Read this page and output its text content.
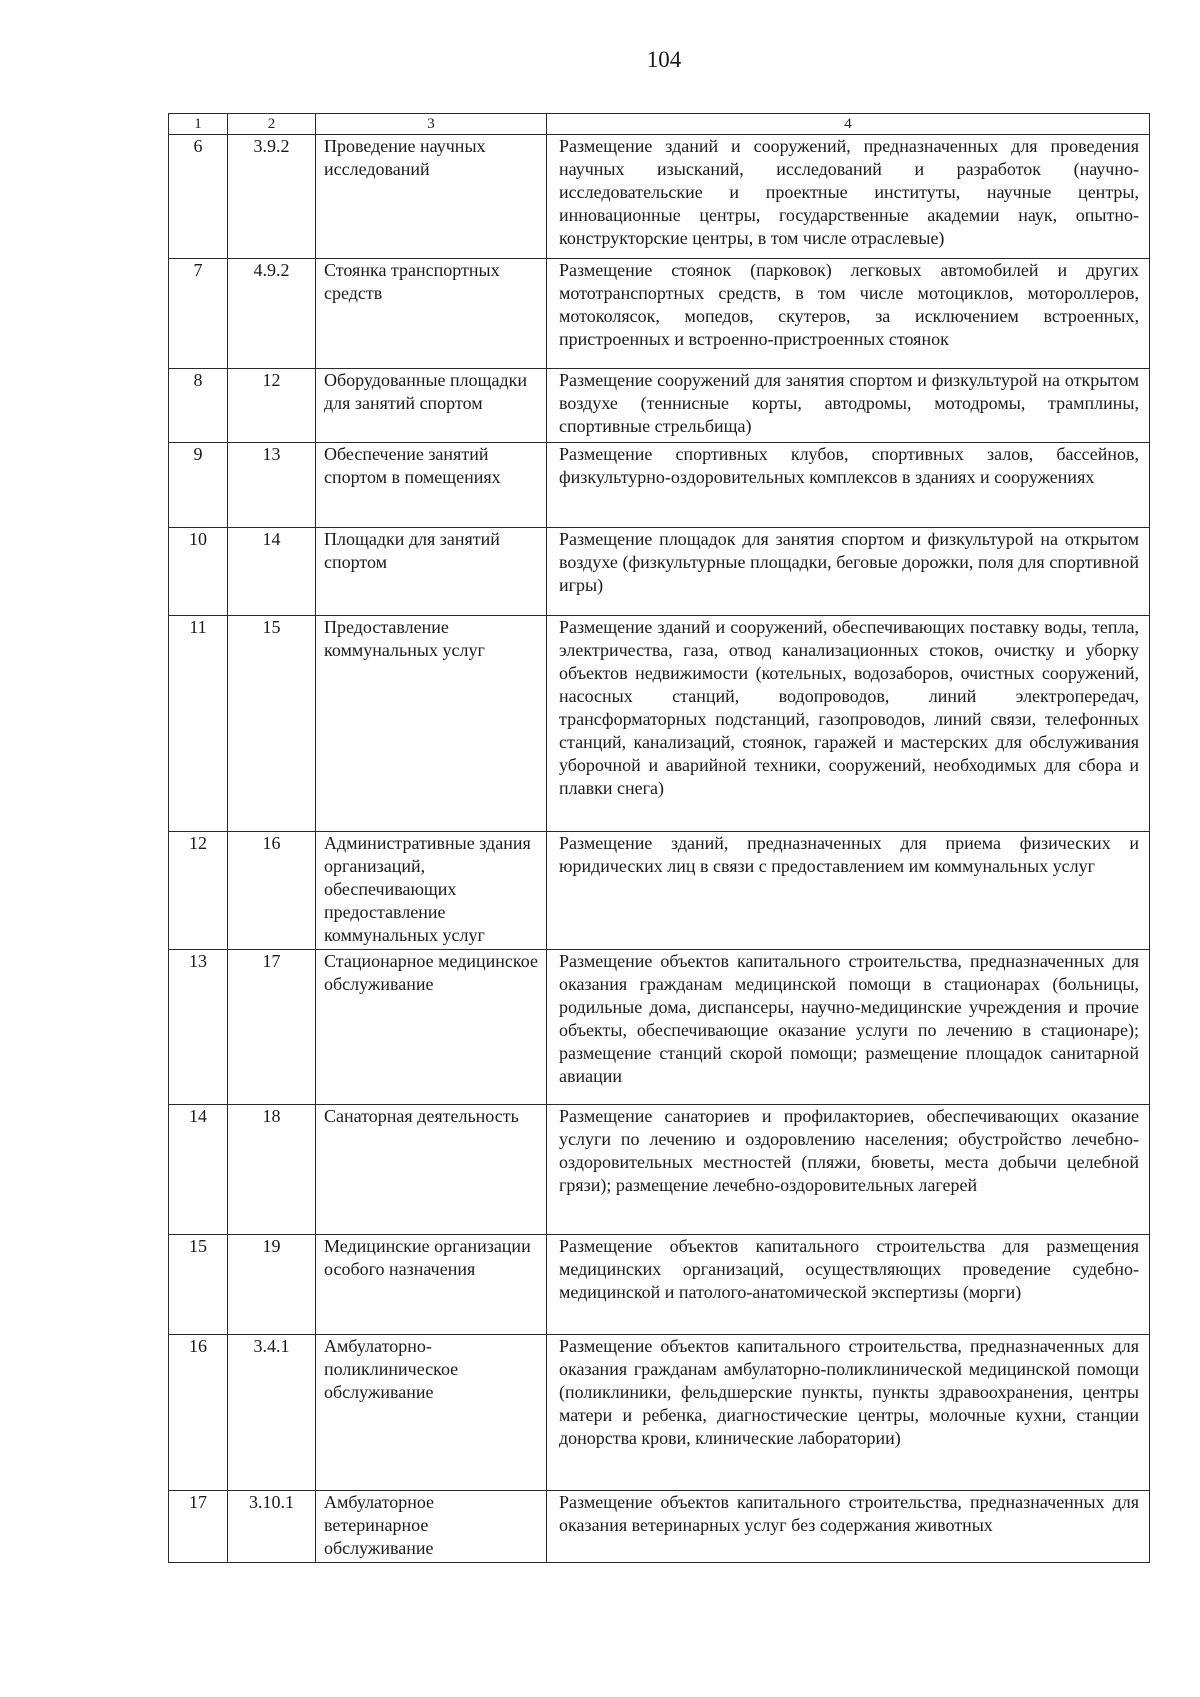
104
1	2	3	4
6	3.9.2	Проведение научных исследований	Размещение зданий и сооружений, предназначенных для проведения научных изысканий, исследований и разработок (научно-исследовательские и проектные институты, научные центры, инновационные центры, государственные академии наук, опытно-конструкторские центры, в том числе отраслевые)
7	4.9.2	Стоянка транспортных средств	Размещение стоянок (парковок) легковых автомобилей и других мототранспортных средств, в том числе мотоциклов, мотороллеров, мотоколясок, мопедов, скутеров, за исключением встроенных, пристроенных и встроенно-пристроенных стоянок
8	12	Оборудованные площадки для занятий спортом	Размещение сооружений для занятия спортом и физкультурой на открытом воздухе (теннисные корты, автодромы, мотодромы, трамплины, спортивные стрельбища)
9	13	Обеспечение занятий спортом в помещениях	Размещение спортивных клубов, спортивных залов, бассейнов, физкультурно-оздоровительных комплексов в зданиях и сооружениях
10	14	Площадки для занятий спортом	Размещение площадок для занятия спортом и физкультурой на открытом воздухе (физкультурные площадки, беговые дорожки, поля для спортивной игры)
11	15	Предоставление коммунальных услуг	Размещение зданий и сооружений, обеспечивающих поставку воды, тепла, электричества, газа, отвод канализационных стоков, очистку и уборку объектов недвижимости (котельных, водозаборов, очистных сооружений, насосных станций, водопроводов, линий электропередач, трансформаторных подстанций, газопроводов, линий связи, телефонных станций, канализаций, стоянок, гаражей и мастерских для обслуживания уборочной и аварийной техники, сооружений, необходимых для сбора и плавки снега)
12	16	Административные здания организаций, обеспечивающих предоставление коммунальных услуг	Размещение зданий, предназначенных для приема физических и юридических лиц в связи с предоставлением им коммунальных услуг
13	17	Стационарное медицинское обслуживание	Размещение объектов капитального строительства, предназначенных для оказания гражданам медицинской помощи в стационарах (больницы, родильные дома, диспансеры, научно-медицинские учреждения и прочие объекты, обеспечивающие оказание услуги по лечению в стационаре); размещение станций скорой помощи; размещение площадок санитарной авиации
14	18	Санаторная деятельность	Размещение санаториев и профилакториев, обеспечивающих оказание услуги по лечению и оздоровлению населения; обустройство лечебно-оздоровительных местностей (пляжи, бюветы, места добычи целебной грязи); размещение лечебно-оздоровительных лагерей
15	19	Медицинские организации особого назначения	Размещение объектов капитального строительства для размещения медицинских организаций, осуществляющих проведение судебно-медицинской и патолого-анатомической экспертизы (морги)
16	3.4.1	Амбулаторно-поликлиническое обслуживание	Размещение объектов капитального строительства, предназначенных для оказания гражданам амбулаторно-поликлинической медицинской помощи (поликлиники, фельдшерские пункты, пункты здравоохранения, центры матери и ребенка, диагностические центры, молочные кухни, станции донорства крови, клинические лаборатории)
17	3.10.1	Амбулаторное ветеринарное обслуживание	Размещение объектов капитального строительства, предназначенных для оказания ветеринарных услуг без содержания животных
